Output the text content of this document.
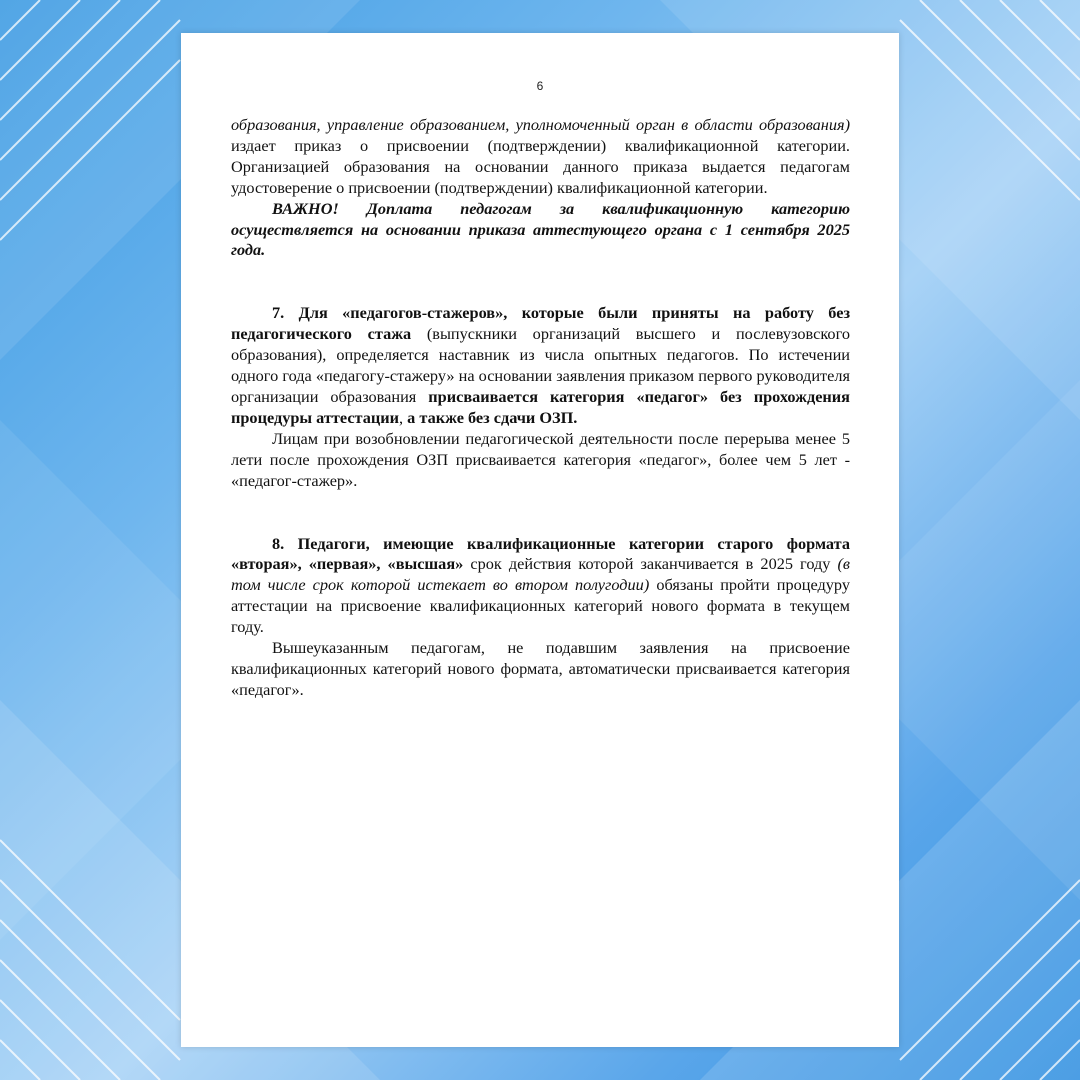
6

образования, управление образованием, уполномоченный орган в области образования) издает приказ о присвоении (подтверждении) квалификационной категории. Организацией образования на основании данного приказа выдается педагогам удостоверение о присвоении (подтверждении) квалификационной категории.

ВАЖНО! Доплата педагогам за квалификационную категорию осуществляется на основании приказа аттестующего органа с 1 сентября 2025 года.

7. Для «педагогов-стажеров», которые были приняты на работу без педагогического стажа (выпускники организаций высшего и послевузовского образования), определяется наставник из числа опытных педагогов. По истечении одного года «педагогу-стажеру» на основании заявления приказом первого руководителя организации образования присваивается категория «педагог» без прохождения процедуры аттестации, а также без сдачи ОЗП.

Лицам при возобновлении педагогической деятельности после перерыва менее 5 лети после прохождения ОЗП присваивается категория «педагог», более чем 5 лет - «педагог-стажер».

8. Педагоги, имеющие квалификационные категории старого формата «вторая», «первая», «высшая» срок действия которой заканчивается в 2025 году (в том числе срок которой истекает во втором полугодии) обязаны пройти процедуру аттестации на присвоение квалификационных категорий нового формата в текущем году.

Вышеуказанным педагогам, не подавшим заявления на присвоение квалификационных категорий нового формата, автоматически присваивается категория «педагог».
